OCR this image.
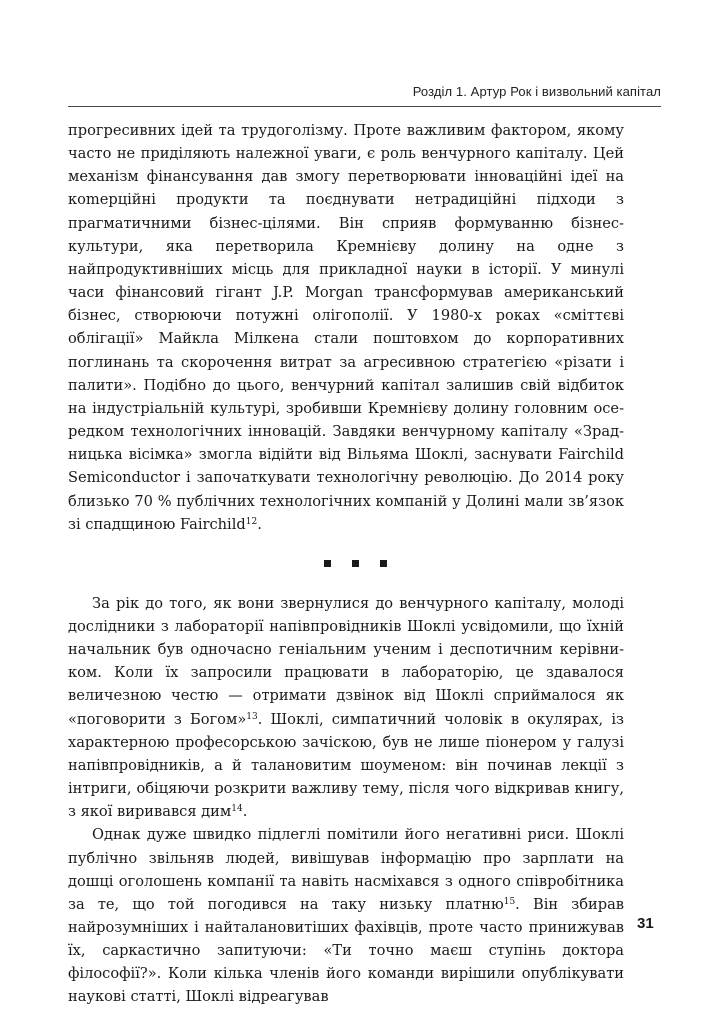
Розділ 1. Артур Рок і визвольний капітал

прогресивних ідей та трудоголізму. Проте важливим фактором, якому часто не приділяють належної уваги, є роль венчурного капіталу. Цей механізм фінансування дав змогу перетворювати інноваційні ідеї на коmерційні продукти та поєднувати нетрадиційні підходи з прагматичними бізнес-цілями. Він сприяв формуванню бізнес-культури, яка перетворила Кремнієву долину на одне з найпродуктивніших місць для прикладної науки в історії. У минулі часи фінансовий гігант J.P. Morgan трансформував американський бізнес, створюючи потужні олігополії. У 1980-х роках «сміттєві облігації» Майкла Мілкена стали поштовхом до корпоративних поглинань та скорочення витрат за агресивною стратегією «різати і палити». Подібно до цього, венчурний капітал залишив свій відбиток на індустріальній культурі, зробивши Кремнієву долину головним осередком технологічних інновацій. Завдяки венчурному капіталу «Зрадницька вісімка» змогла відійти від Вільяма Шоклі, заснувати Fairchild Semiconductor і започаткувати технологічну революцію. До 2014 року близько 70 % публічних технологічних компаній у Долині мали зв’язок зі спадщиною Fairchild$^{12}$.

За рік до того, як вони звернулися до венчурного капіталу, молоді дослідники з лабораторії напівпровідників Шоклі усвідомили, що їхній начальник був одночасно геніальним ученим і деспотичним керівником. Коли їх запросили працювати в лабораторію, це здавалося величезною честю — отримати дзвінок від Шоклі сприймалося як «поговорити з Богом»$^{13}$. Шоклі, симпатичний чоловік в окулярах, із характерною професорською зачіскою, був не лише піонером у галузі напівпровідників, а й талановитим шоуменом: він починав лекції з інтриги, обіцяючи розкрити важливу тему, після чого відкривав книгу, з якої виривався дим$^{14}$.

Однак дуже швидко підлеглі помітили його негативні риси. Шоклі публічно звільняв людей, вивішував інформацію про зарплати на дошці оголошень компанії та навіть насміхався з одного співробітника за те, що той погодився на таку низьку платню$^{15}$. Він збирав найрозумніших і найталановитіших фахівців, проте часто принижував їх, саркастично запитуючи: «Ти точно маєш ступінь доктора філософії?». Коли кілька членів його команди вирішили опублікувати наукові статті, Шоклі відреагував

31
